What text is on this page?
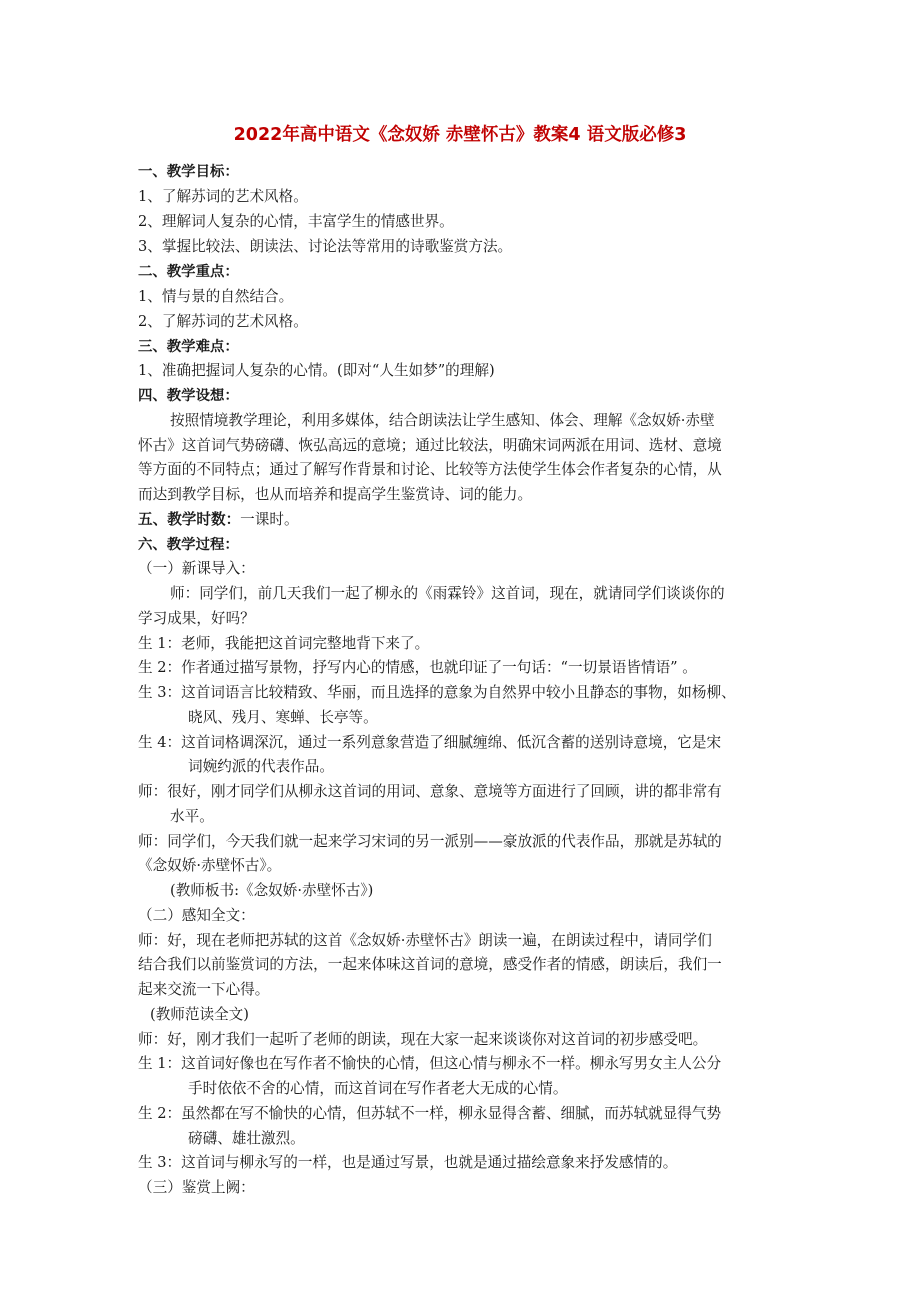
2022年高中语文《念奴娇 赤壁怀古》教案4 语文版必修3
一、教学目标：
1、了解苏词的艺术风格。
2、理解词人复杂的心情，丰富学生的情感世界。
3、掌握比较法、朗读法、讨论法等常用的诗歌鉴赏方法。
二、教学重点：
1、情与景的自然结合。
2、了解苏词的艺术风格。
三、教学难点：
1、准确把握词人复杂的心情。(即对“人生如梦”的理解)
四、教学设想：
按照情境教学理论，利用多媒体，结合朗读法让学生感知、体会、理解《念奴娇·赤壁
怀古》这首词气势磅礴、恢弘高远的意境；通过比较法，明确宋词两派在用词、选材、意境
等方面的不同特点；通过了解写作背景和讨论、比较等方法使学生体会作者复杂的心情，从
而达到教学目标，也从而培养和提高学生鉴赏诗、词的能力。
五、教学时数：一课时。
六、教学过程：
（一）新课导入：
师：同学们，前几天我们一起了柳永的《雨霖铃》这首词，现在，就请同学们谈谈你的
学习成果，好吗？
生 1：老师，我能把这首词完整地背下来了。
生 2：作者通过描写景物，抒写内心的情感，也就印证了一句话：“一切景语皆情语” 。
生 3：这首词语言比较精致、华丽，而且选择的意象为自然界中较小且静态的事物，如杨柳、
晓风、残月、寒蝉、长亭等。
生 4：这首词格调深沉，通过一系列意象营造了细腻缠绵、低沉含蓄的送别诗意境，它是宋
词婉约派的代表作品。
师：很好，刚才同学们从柳永这首词的用词、意象、意境等方面进行了回顾，讲的都非常有
水平。
师：同学们，今天我们就一起来学习宋词的另一派别——豪放派的代表作品，那就是苏轼的
《念奴娇·赤壁怀古》。
(教师板书:《念奴娇·赤壁怀古》)
（二）感知全文：
师：好，现在老师把苏轼的这首《念奴娇·赤壁怀古》朗读一遍，在朗读过程中，请同学们
结合我们以前鉴赏词的方法，一起来体味这首词的意境，感受作者的情感，朗读后，我们一
起来交流一下心得。
(教师范读全文)
师：好，刚才我们一起听了老师的朗读，现在大家一起来谈谈你对这首词的初步感受吧。
生 1：这首词好像也在写作者不愉快的心情，但这心情与柳永不一样。柳永写男女主人公分
手时依依不舍的心情，而这首词在写作者老大无成的心情。
生 2：虽然都在写不愉快的心情，但苏轼不一样，柳永显得含蓄、细腻，而苏轼就显得气势
磅礴、雄壮激烈。
生 3：这首词与柳永写的一样，也是通过写景，也就是通过描绘意象来抒发感情的。
（三）鉴赏上阙：
